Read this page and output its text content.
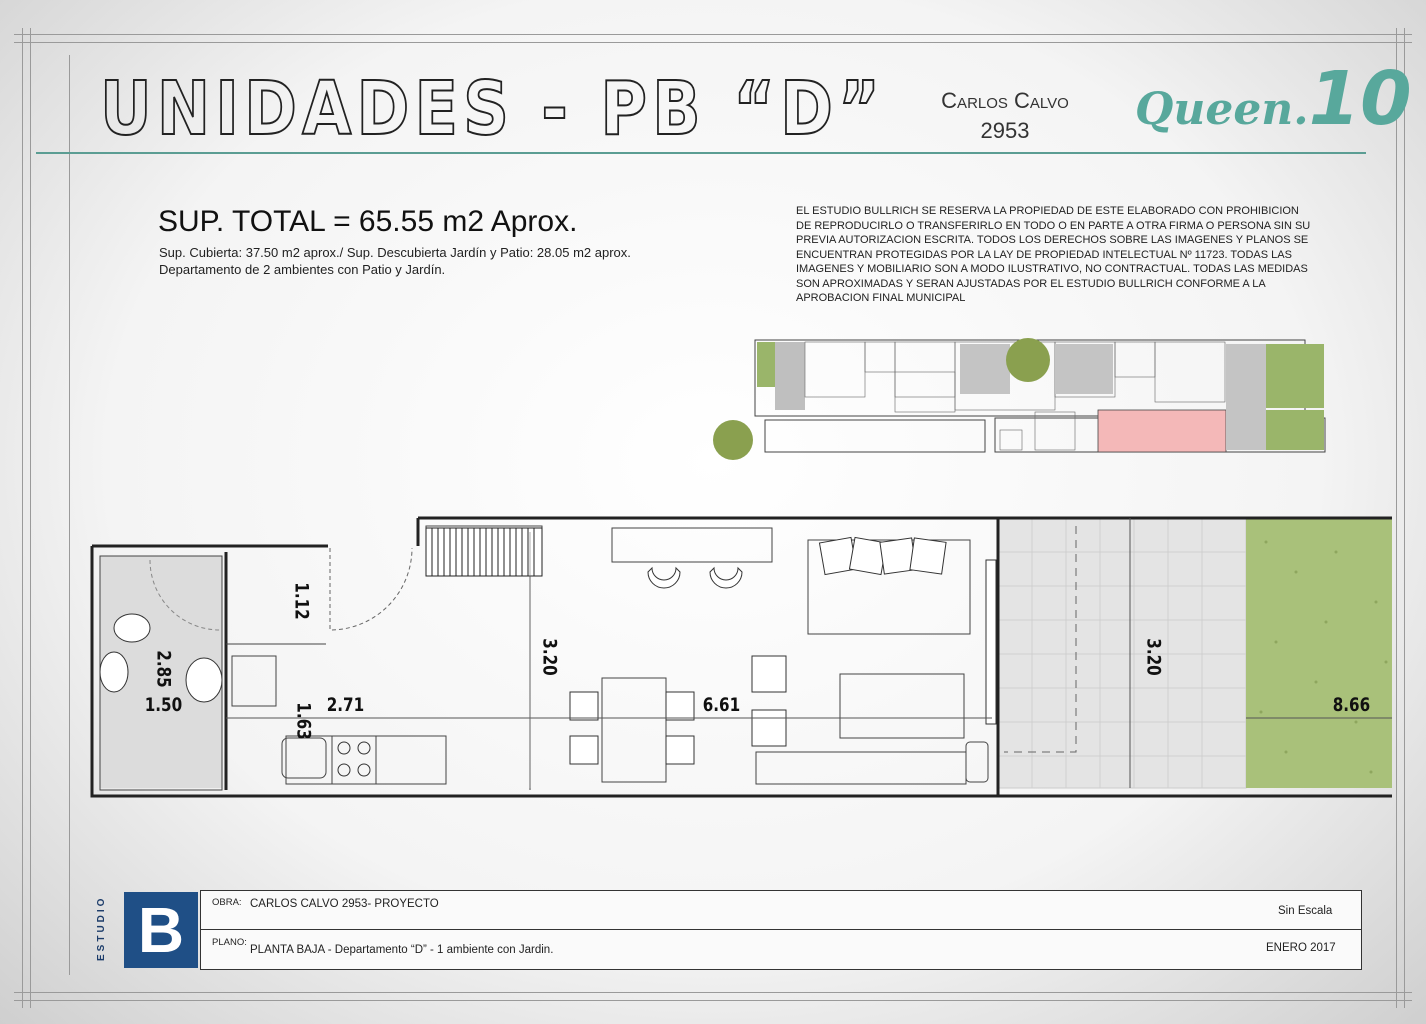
UNIDADES - PB “D”	Carlos Calvo
2953	Queen.10
SUP. TOTAL = 65.55 m2 Aprox.
Sup. Cubierta: 37.50 m2 aprox./ Sup. Descubierta Jardín y Patio: 28.05 m2 aprox.
Departamento de 2 ambientes con Patio y Jardín.
EL ESTUDIO BULLRICH SE RESERVA LA PROPIEDAD DE ESTE ELABORADO CON PROHIBICION DE REPRODUCIRLO O TRANSFERIRLO EN TODO O EN PARTE A OTRA FIRMA O PERSONA SIN SU PREVIA AUTORIZACION ESCRITA. TODOS LOS DERECHOS SOBRE LAS IMAGENES Y PLANOS SE ENCUENTRAN PROTEGIDAS POR LA LAY DE PROPIEDAD INTELECTUAL Nº 11723. TODAS LAS IMAGENES Y MOBILIARIO SON A MODO ILUSTRATIVO, NO CONTRACTUAL. TODAS LAS MEDIDAS SON APROXIMADAS Y SERAN AJUSTADAS POR EL ESTUDIO BULLRICH CONFORME A LA APROBACION FINAL MUNICIPAL
1.12
2.85
1.50	2.71
1.63
3.20
6.61
3.20
8.66
ESTUDIO B	OBRA: CARLOS CALVO 2953- PROYECTO
Sin Escala
PLANO:
PLANTA BAJA - Departamento “D” - 1 ambiente con Jardin.	ENERO 2017
